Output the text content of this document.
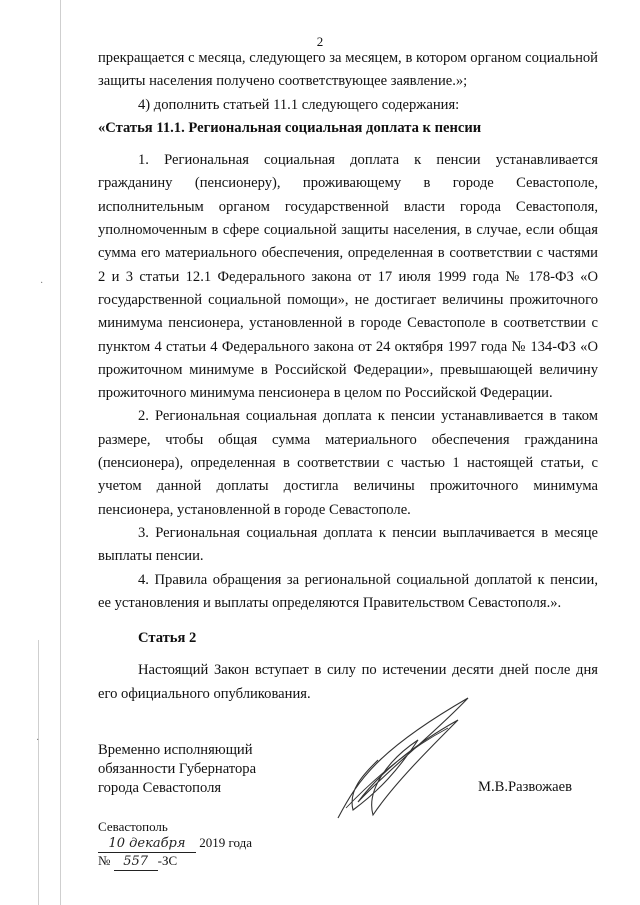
·
·
2

прекращается с месяца, следующего за месяцем, в котором органом социальной защиты населения получено соответствующее заявление.»;

4) дополнить статьей 11.1 следующего содержания:

«Статья 11.1. Региональная социальная доплата к пенсии

1. Региональная социальная доплата к пенсии устанавливается гражданину (пенсионеру), проживающему в городе Севастополе, исполнительным органом государственной власти города Севастополя, уполномоченным в сфере социальной защиты населения, в случае, если общая сумма его материального обеспечения, определенная в соответствии с частями 2 и 3 статьи 12.1 Федерального закона от 17 июля 1999 года № 178-ФЗ «О государственной социальной помощи», не достигает величины прожиточного минимума пенсионера, установленной в городе Севастополе в соответствии с пунктом 4 статьи 4 Федерального закона от 24 октября 1997 года № 134-ФЗ «О прожиточном минимуме в Российской Федерации», превышающей величину прожиточного минимума пенсионера в целом по Российской Федерации.

2. Региональная социальная доплата к пенсии устанавливается в таком размере, чтобы общая сумма материального обеспечения гражданина (пенсионера), определенная в соответствии с частью 1 настоящей статьи, с учетом данной доплаты достигла величины прожиточного минимума пенсионера, установленной в городе Севастополе.

3. Региональная социальная доплата к пенсии выплачивается в месяце выплаты пенсии.

4. Правила обращения за региональной социальной доплатой к пенсии, ее установления и выплаты определяются Правительством Севастополя.».

Статья 2

Настоящий Закон вступает в силу по истечении десяти дней после дня его официального опубликования.

Временно исполняющий
обязанности Губернатора
города Севастополя	М.В.Развожаев
Севастополь
10 декабря 2019 года
№ 557 -ЗС
